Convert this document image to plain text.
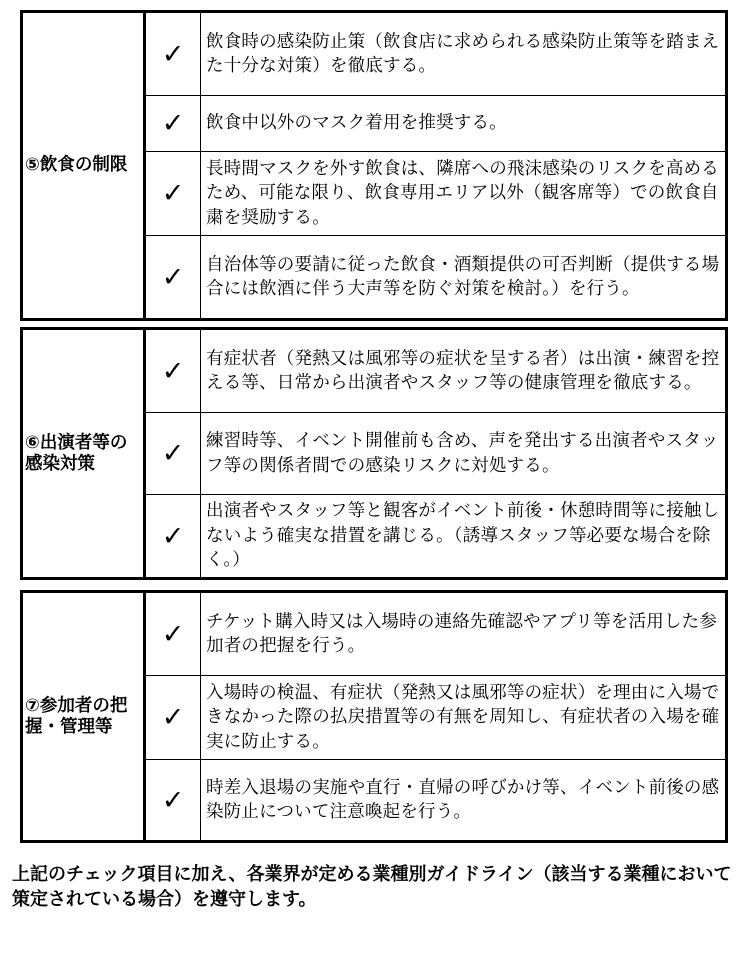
⑤飲食の制限	✓	飲食時の感染防止策（飲食店に求められる感染防止策等を踏まえた十分な対策）を徹底する。
	✓	飲食中以外のマスク着用を推奨する。
	✓	長時間マスクを外す飲食は、隣席への飛沫感染のリスクを高めるため、可能な限り、飲食専用エリア以外（観客席等）での飲食自粛を奨励する。
	✓	自治体等の要請に従った飲食・酒類提供の可否判断（提供する場合には飲酒に伴う大声等を防ぐ対策を検討。）を行う。
⑥出演者等の感染対策	✓	有症状者（発熱又は風邪等の症状を呈する者）は出演・練習を控える等、日常から出演者やスタッフ等の健康管理を徹底する。
	✓	練習時等、イベント開催前も含め、声を発出する出演者やスタッフ等の関係者間での感染リスクに対処する。
	✓	出演者やスタッフ等と観客がイベント前後・休憩時間等に接触しないよう確実な措置を講じる。（誘導スタッフ等必要な場合を除く。）
⑦参加者の把握・管理等	✓	チケット購入時又は入場時の連絡先確認やアプリ等を活用した参加者の把握を行う。
	✓	入場時の検温、有症状（発熱又は風邪等の症状）を理由に入場できなかった際の払戻措置等の有無を周知し、有症状者の入場を確実に防止する。
	✓	時差入退場の実施や直行・直帰の呼びかけ等、イベント前後の感染防止について注意喚起を行う。
上記のチェック項目に加え、各業界が定める業種別ガイドライン（該当する業種において策定されている場合）を遵守します。
